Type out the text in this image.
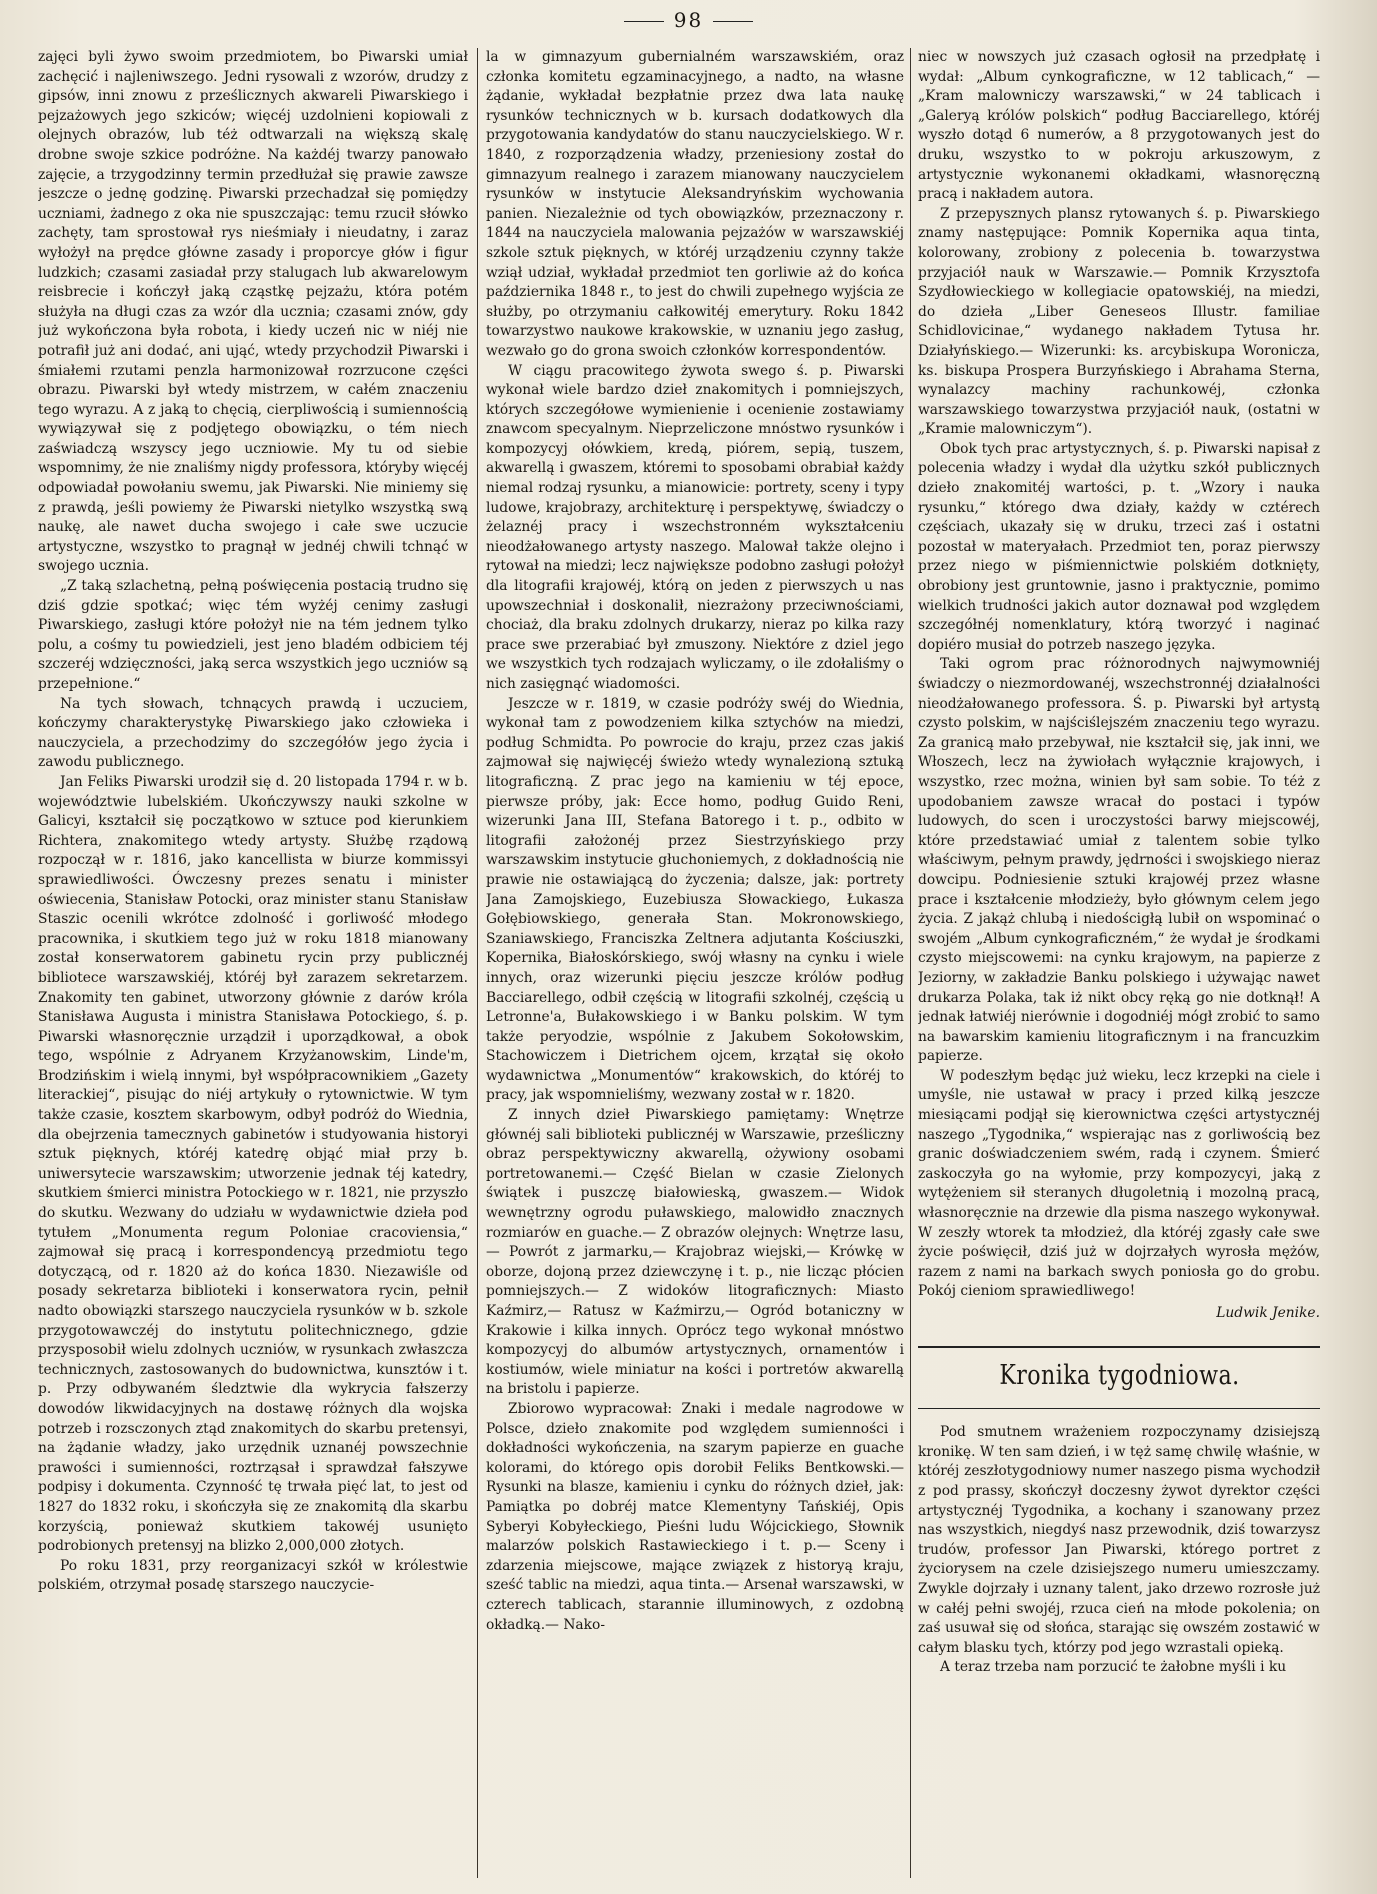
98

zajęci byli żywo swoim przedmiotem, bo Piwarski umiał zachęcić i najleniwszego. Jedni rysowali z wzorów, drudzy z gipsów, inni znowu z prześlicznych akwareli Piwarskiego i pejzażowych jego szkiców; więcéj uzdolnieni kopiowali z olejnych obrazów, lub téż odtwarzali na większą skalę drobne swoje szkice podróżne. Na każdéj twarzy panowało zajęcie, a trzygodzinny termin przedłużał się prawie zawsze jeszcze o jednę godzinę. Piwarski przechadzał się pomiędzy uczniami, żadnego z oka nie spuszczając: temu rzucił słówko zachęty, tam sprostował rys nieśmiały i nieudatny, i zaraz wyłożył na prędce główne zasady i proporcye głów i figur ludzkich; czasami zasiadał przy stalugach lub akwarelowym reisbrecie i kończył jaką cząstkę pejzażu, która potém służyła na długi czas za wzór dla ucznia; czasami znów, gdy już wykończona była robota, i kiedy uczeń nic w niéj nie potrafił już ani dodać, ani ująć, wtedy przychodził Piwarski i śmiałemi rzutami penzla harmonizował rozrzucone części obrazu. Piwarski był wtedy mistrzem, w całém znaczeniu tego wyrazu. A z jaką to chęcią, cierpliwością i sumiennością wywiązywał się z podjętego obowiązku, o tém niech zaświadczą wszyscy jego uczniowie. My tu od siebie wspomnimy, że nie znaliśmy nigdy professora, któryby więcéj odpowiadał powołaniu swemu, jak Piwarski. Nie miniemy się z prawdą, jeśli powiemy że Piwarski nietylko wszystką swą naukę, ale nawet ducha swojego i całe swe uczucie artystyczne, wszystko to pragnął w jednéj chwili tchnąć w swojego ucznia.

„Z taką szlachetną, pełną poświęcenia postacią trudno się dziś gdzie spotkać; więc tém wyżéj cenimy zasługi Piwarskiego, zasługi które położył nie na tém jednem tylko polu, a cośmy tu powiedzieli, jest jeno bladém odbiciem téj szczeréj wdzięczności, jaką serca wszystkich jego uczniów są przepełnione.“

Na tych słowach, tchnących prawdą i uczuciem, kończymy charakterystykę Piwarskiego jako człowieka i nauczyciela, a przechodzimy do szczegółów jego życia i zawodu publicznego.

Jan Feliks Piwarski urodził się d. 20 listopada 1794 r. w b. województwie lubelskiém. Ukończywszy nauki szkolne w Galicyi, kształcił się początkowo w sztuce pod kierunkiem Richtera, znakomitego wtedy artysty. Służbę rządową rozpoczął w r. 1816, jako kancellista w biurze kommissyi sprawiedliwości. Ówczesny prezes senatu i minister oświecenia, Stanisław Potocki, oraz minister stanu Stanisław Staszic ocenili wkrótce zdolność i gorliwość młodego pracownika, i skutkiem tego już w roku 1818 mianowany został konserwatorem gabinetu rycin przy publicznéj bibliotece warszawskiéj, któréj był zarazem sekretarzem. Znakomity ten gabinet, utworzony głównie z darów króla Stanisława Augusta i ministra Stanisława Potockiego, ś. p. Piwarski własnoręcznie urządził i uporządkował, a obok tego, wspólnie z Adryanem Krzyżanowskim, Linde'm, Brodzińskim i wielą innymi, był współpracownikiem „Gazety literackiej“, pisując do niéj artykuły o rytownictwie. W tym także czasie, kosztem skarbowym, odbył podróż do Wiednia, dla obejrzenia tamecznych gabinetów i studyowania historyi sztuk pięknych, któréj katedrę objąć miał przy b. uniwersytecie warszawskim; utworzenie jednak téj katedry, skutkiem śmierci ministra Potockiego w r. 1821, nie przyszło do skutku. Wezwany do udziału w wydawnictwie dzieła pod tytułem „Monumenta regum Poloniae cracoviensia,“ zajmował się pracą i korrespondencyą przedmiotu tego dotyczącą, od r. 1820 aż do końca 1830. Niezawiśle od posady sekretarza biblioteki i konserwatora rycin, pełnił nadto obowiązki starszego nauczyciela rysunków w b. szkole przygotowawczéj do instytutu politechnicznego, gdzie przysposobił wielu zdolnych uczniów, w rysunkach zwłaszcza technicznych, zastosowanych do budownictwa, kunsztów i t. p. Przy odbywaném śledztwie dla wykrycia fałszerzy dowodów likwidacyjnych na dostawę różnych dla wojska potrzeb i rozsczonych ztąd znakomitych do skarbu pretensyi, na żądanie władzy, jako urzędnik uznanéj powszechnie prawości i sumienności, roztrząsał i sprawdzał fałszywe podpisy i dokumenta. Czynność tę trwała pięć lat, to jest od 1827 do 1832 roku, i skończyła się ze znakomitą dla skarbu korzyścią, ponieważ skutkiem takowéj usunięto podrobionych pretensyj na blizko 2,000,000 złotych.

Po roku 1831, przy reorganizacyi szkół w królestwie polskiém, otrzymał posadę starszego nauczycie-

la w gimnazyum gubernialném warszawskiém, oraz członka komitetu egzaminacyjnego, a nadto, na własne żądanie, wykładał bezpłatnie przez dwa lata naukę rysunków technicznych w b. kursach dodatkowych dla przygotowania kandydatów do stanu nauczycielskiego. W r. 1840, z rozporządzenia władzy, przeniesiony został do gimnazyum realnego i zarazem mianowany nauczycielem rysunków w instytucie Aleksandryńskim wychowania panien. Niezależnie od tych obowiązków, przeznaczony r. 1844 na nauczyciela malowania pejzażów w warszawskiéj szkole sztuk pięknych, w któréj urządzeniu czynny także wziął udział, wykładał przedmiot ten gorliwie aż do końca października 1848 r., to jest do chwili zupełnego wyjścia ze służby, po otrzymaniu całkowitéj emerytury. Roku 1842 towarzystwo naukowe krakowskie, w uznaniu jego zasług, wezwało go do grona swoich członków korrespondentów.

W ciągu pracowitego żywota swego ś. p. Piwarski wykonał wiele bardzo dzieł znakomitych i pomniejszych, których szczegółowe wymienienie i ocenienie zostawiamy znawcom specyalnym. Nieprzeliczone mnóstwo rysunków i kompozycyj ołówkiem, kredą, piórem, sepią, tuszem, akwarellą i gwaszem, któremi to sposobami obrabiał każdy niemal rodzaj rysunku, a mianowicie: portrety, sceny i typy ludowe, krajobrazy, architekturę i perspektywę, świadczy o żelaznéj pracy i wszechstronném wykształceniu nieodżałowanego artysty naszego. Malował także olejno i rytował na miedzi; lecz największe podobno zasługi położył dla litografii krajowéj, którą on jeden z pierwszych u nas upowszechniał i doskonalił, niezrażony przeciwnościami, chociaż, dla braku zdolnych drukarzy, nieraz po kilka razy prace swe przerabiać był zmuszony. Niektóre z dziel jego we wszystkich tych rodzajach wyliczamy, o ile zdołaliśmy o nich zasięgnąć wiadomości.

Jeszcze w r. 1819, w czasie podróży swéj do Wiednia, wykonał tam z powodzeniem kilka sztychów na miedzi, podług Schmidta. Po powrocie do kraju, przez czas jakiś zajmował się najwięcéj świeżo wtedy wynalezioną sztuką litograficzną. Z prac jego na kamieniu w téj epoce, pierwsze próby, jak: Ecce homo, podług Guido Reni, wizerunki Jana III, Stefana Batorego i t. p., odbito w litografii założonéj przez Siestrzyńskiego przy warszawskim instytucie głuchoniemych, z dokładnością nie prawie nie ostawiającą do życzenia; dalsze, jak: portrety Jana Zamojskiego, Euzebiusza Słowackiego, Łukasza Gołębiowskiego, generała Stan. Mokronowskiego, Szaniawskiego, Franciszka Zeltnera adjutanta Kościuszki, Kopernika, Białoskórskiego, swój własny na cynku i wiele innych, oraz wizerunki pięciu jeszcze królów podług Bacciarellego, odbił częścią w litografii szkolnéj, częścią u Letronne'a, Bułakowskiego i w Banku polskim. W tym także peryodzie, wspólnie z Jakubem Sokołowskim, Stachowiczem i Dietrichem ojcem, krzątał się około wydawnictwa „Monumentów“ krakowskich, do któréj to pracy, jak wspomnieliśmy, wezwany został w r. 1820.

Z innych dzieł Piwarskiego pamiętamy: Wnętrze głównéj sali biblioteki publicznéj w Warszawie, prześliczny obraz perspektywiczny akwarellą, ożywiony osobami portretowanemi.— Część Bielan w czasie Zielonych świątek i puszczę białowieską, gwaszem.— Widok wewnętrzny ogrodu puławskiego, malowidło znacznych rozmiarów en guache.— Z obrazów olejnych: Wnętrze lasu,— Powrót z jarmarku,— Krajobraz wiejski,— Krówkę w oborze, dojoną przez dziewczynę i t. p., nie licząc płócien pomniejszych.— Z widoków litograficznych: Miasto Kaźmirz,— Ratusz w Kaźmirzu,— Ogród botaniczny w Krakowie i kilka innych. Oprócz tego wykonał mnóstwo kompozycyj do albumów artystycznych, ornamentów i kostiumów, wiele miniatur na kości i portretów akwarellą na bristolu i papierze.

Zbiorowo wypracował: Znaki i medale nagrodowe w Polsce, dzieło znakomite pod względem sumienności i dokładności wykończenia, na szarym papierze en guache kolorami, do którego opis dorobił Feliks Bentkowski.— Rysunki na blasze, kamieniu i cynku do różnych dzieł, jak: Pamiątka po dobréj matce Klementyny Tańskiéj, Opis Syberyi Kobyłeckiego, Pieśni ludu Wójcickiego, Słownik malarzów polskich Rastawieckiego i t. p.— Sceny i zdarzenia miejscowe, mające związek z historyą kraju, sześć tablic na miedzi, aqua tinta.— Arsenał warszawski, w czterech tablicach, starannie illuminowych, z ozdobną okładką.— Nako-

niec w nowszych już czasach ogłosił na przedpłatę i wydał: „Album cynkograficzne, w 12 tablicach,“ — „Kram malowniczy warszawski,“ w 24 tablicach i „Galeryą królów polskich“ podług Bacciarellego, któréj wyszło dotąd 6 numerów, a 8 przygotowanych jest do druku, wszystko to w pokroju arkuszowym, z artystycznie wykonanemi okładkami, własnoręczną pracą i nakładem autora.

Z przepysznych plansz rytowanych ś. p. Piwarskiego znamy następujące: Pomnik Kopernika aqua tinta, kolorowany, zrobiony z polecenia b. towarzystwa przyjaciół nauk w Warszawie.— Pomnik Krzysztofa Szydłowieckiego w kollegiacie opatowskiéj, na miedzi, do dzieła „Liber Geneseos Illustr. familiae Schidlovicinae,“ wydanego nakładem Tytusa hr. Działyńskiego.— Wizerunki: ks. arcybiskupa Woronicza, ks. biskupa Prospera Burzyńskiego i Abrahama Sterna, wynalazcy machiny rachunkowéj, członka warszawskiego towarzystwa przyjaciół nauk, (ostatni w „Kramie malowniczym“).

Obok tych prac artystycznych, ś. p. Piwarski napisał z polecenia władzy i wydał dla użytku szkół publicznych dzieło znakomitéj wartości, p. t. „Wzory i nauka rysunku,“ którego dwa działy, każdy w cztérech częściach, ukazały się w druku, trzeci zaś i ostatni pozostał w materyałach. Przedmiot ten, poraz pierwszy przez niego w piśmiennictwie polskiém dotknięty, obrobiony jest gruntownie, jasno i praktycznie, pomimo wielkich trudności jakich autor doznawał pod względem szczegółnéj nomenklatury, którą tworzyć i naginać dopiéro musiał do potrzeb naszego języka.

Taki ogrom prac różnorodnych najwymowniéj świadczy o niezmordowanéj, wszechstronnéj działalności nieodżałowanego professora. Ś. p. Piwarski był artystą czysto polskim, w najściślejszém znaczeniu tego wyrazu. Za granicą mało przebywał, nie kształcił się, jak inni, we Włoszech, lecz na żywiołach wyłącznie krajowych, i wszystko, rzec można, winien był sam sobie. To téż z upodobaniem zawsze wracał do postaci i typów ludowych, do scen i uroczystości barwy miejscowéj, które przedstawiać umiał z talentem sobie tylko właściwym, pełnym prawdy, jędrności i swojskiego nieraz dowcipu. Podniesienie sztuki krajowéj przez własne prace i kształcenie młodzieży, było głównym celem jego życia. Z jakąż chlubą i niedościgłą lubił on wspominać o swojém „Album cynkograficzném,“ że wydał je środkami czysto miejscowemi: na cynku krajowym, na papierze z Jeziorny, w zakładzie Banku polskiego i używając nawet drukarza Polaka, tak iż nikt obcy ręką go nie dotknął! A jednak łatwiéj nierównie i dogodniéj mógł zrobić to samo na bawarskim kamieniu litograficznym i na francuzkim papierze.

W podeszłym będąc już wieku, lecz krzepki na ciele i umyśle, nie ustawał w pracy i przed kilką jeszcze miesiącami podjął się kierownictwa części artystycznéj naszego „Tygodnika,“ wspierając nas z gorliwością bez granic doświadczeniem swém, radą i czynem. Śmierć zaskoczyła go na wyłomie, przy kompozycyi, jaką z wytężeniem sił steranych długoletnią i mozolną pracą, własnoręcznie na drzewie dla pisma naszego wykonywał. W zeszły wtorek ta młodzież, dla któréj zgasły całe swe życie poświęcił, dziś już w dojrzałych wyrosła mężów, razem z nami na barkach swych poniosła go do grobu. Pokój cieniom sprawiedliwego!

Ludwik Jenike.
Kronika tygodniowa.

Pod smutnem wrażeniem rozpoczynamy dzisiejszą kronikę. W ten sam dzień, i w tęż samę chwilę właśnie, w któréj zeszłotygodniowy numer naszego pisma wychodził z pod prassy, skończył doczesny żywot dyrektor części artystycznéj Tygodnika, a kochany i szanowany przez nas wszystkich, niegdyś nasz przewodnik, dziś towarzysz trudów, professor Jan Piwarski, którego portret z życiorysem na czele dzisiejszego numeru umieszczamy. Zwykle dojrzały i uznany talent, jako drzewo rozrosłe już w całéj pełni swojéj, rzuca cień na młode pokolenia; on zaś usuwał się od słońca, starając się owszém zostawić w całym blasku tych, którzy pod jego wzrastali opieką.

A teraz trzeba nam porzucić te żałobne myśli i ku
